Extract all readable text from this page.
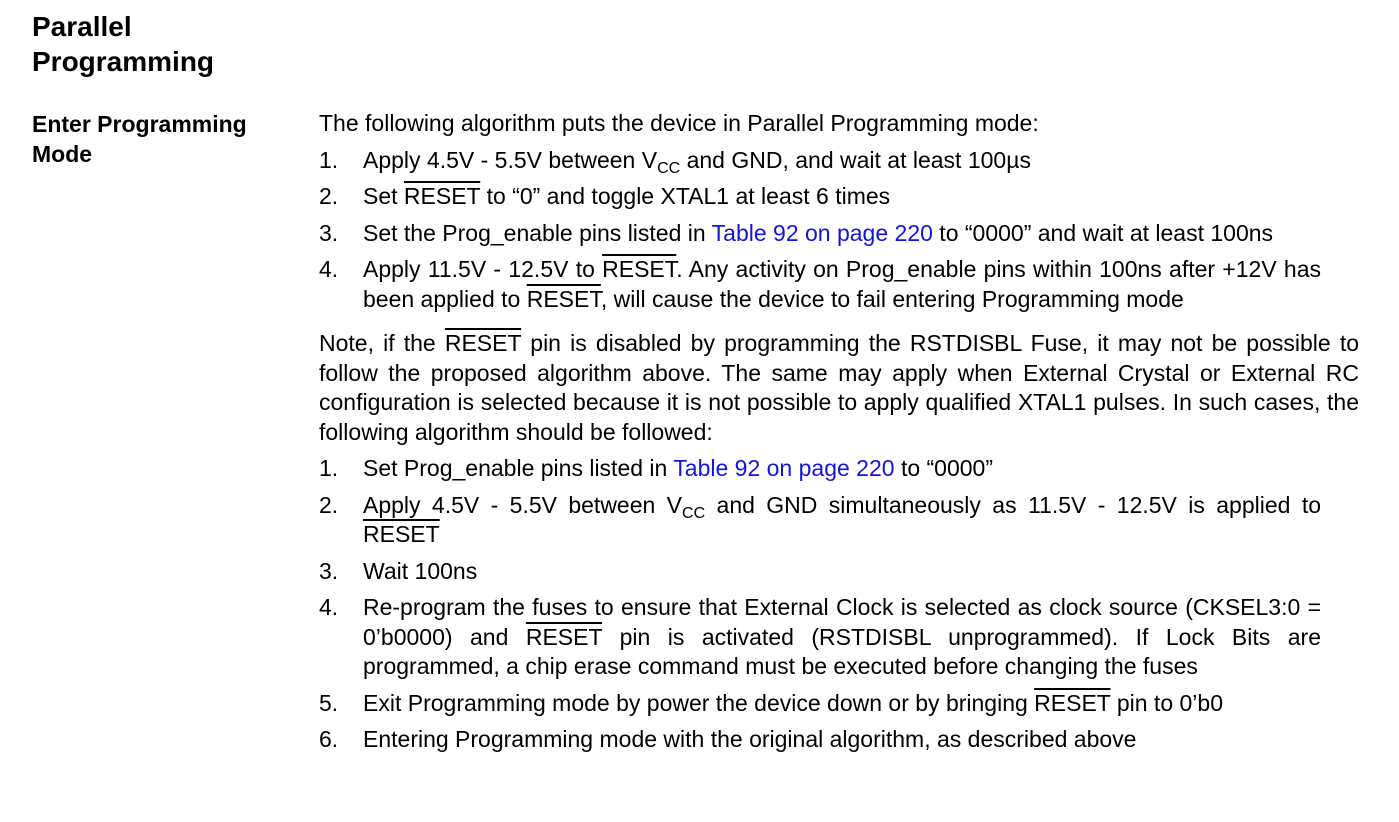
Parallel Programming
Enter Programming Mode

The following algorithm puts the device in Parallel Programming mode:

1. Apply 4.5V - 5.5V between $V_{CC}$ and GND, and wait at least 100µs
2. Set RESET to “0” and toggle XTAL1 at least 6 times
3. Set the Prog_enable pins listed in Table 92 on page 220 to “0000” and wait at least 100ns
4. Apply 11.5V - 12.5V to RESET. Any activity on Prog_enable pins within 100ns after +12V has been applied to RESET, will cause the device to fail entering Programming mode

Note, if the RESET pin is disabled by programming the RSTDISBL Fuse, it may not be possible to follow the proposed algorithm above. The same may apply when External Crystal or External RC configuration is selected because it is not possible to apply qualified XTAL1 pulses. In such cases, the following algorithm should be followed:

1. Set Prog_enable pins listed in Table 92 on page 220 to “0000”
2. Apply 4.5V - 5.5V between $V_{CC}$ and GND simultaneously as 11.5V - 12.5V is applied to RESET
3. Wait 100ns
4. Re-program the fuses to ensure that External Clock is selected as clock source (CKSEL3:0 = 0’b0000) and RESET pin is activated (RSTDISBL unprogrammed). If Lock Bits are programmed, a chip erase command must be executed before changing the fuses
5. Exit Programming mode by power the device down or by bringing RESET pin to 0’b0
6. Entering Programming mode with the original algorithm, as described above
